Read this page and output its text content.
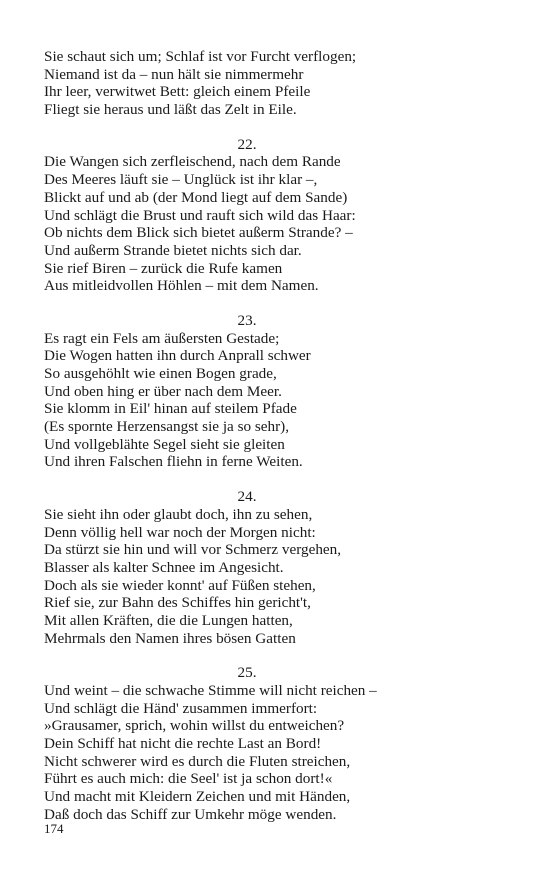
Sie schaut sich um; Schlaf ist vor Furcht verflogen;
Niemand ist da – nun hält sie nimmermehr
Ihr leer, verwitwet Bett: gleich einem Pfeile
Fliegt sie heraus und läßt das Zelt in Eile.
22.
Die Wangen sich zerfleischend, nach dem Rande
Des Meeres läuft sie – Unglück ist ihr klar –,
Blickt auf und ab (der Mond liegt auf dem Sande)
Und schlägt die Brust und rauft sich wild das Haar:
Ob nichts dem Blick sich bietet außerm Strande? –
Und außerm Strande bietet nichts sich dar.
Sie rief Biren – zurück die Rufe kamen
Aus mitleidvollen Höhlen – mit dem Namen.
23.
Es ragt ein Fels am äußersten Gestade;
Die Wogen hatten ihn durch Anprall schwer
So ausgehöhlt wie einen Bogen grade,
Und oben hing er über nach dem Meer.
Sie klomm in Eil' hinan auf steilem Pfade
(Es spornte Herzensangst sie ja so sehr),
Und vollgeblähte Segel sieht sie gleiten
Und ihren Falschen fliehn in ferne Weiten.
24.
Sie sieht ihn oder glaubt doch, ihn zu sehen,
Denn völlig hell war noch der Morgen nicht:
Da stürzt sie hin und will vor Schmerz vergehen,
Blasser als kalter Schnee im Angesicht.
Doch als sie wieder konnt' auf Füßen stehen,
Rief sie, zur Bahn des Schiffes hin gericht't,
Mit allen Kräften, die die Lungen hatten,
Mehrmals den Namen ihres bösen Gatten
25.
Und weint – die schwache Stimme will nicht reichen –
Und schlägt die Händ' zusammen immerfort:
»Grausamer, sprich, wohin willst du entweichen?
Dein Schiff hat nicht die rechte Last an Bord!
Nicht schwerer wird es durch die Fluten streichen,
Führt es auch mich: die Seel' ist ja schon dort!«
Und macht mit Kleidern Zeichen und mit Händen,
Daß doch das Schiff zur Umkehr möge wenden.
174
